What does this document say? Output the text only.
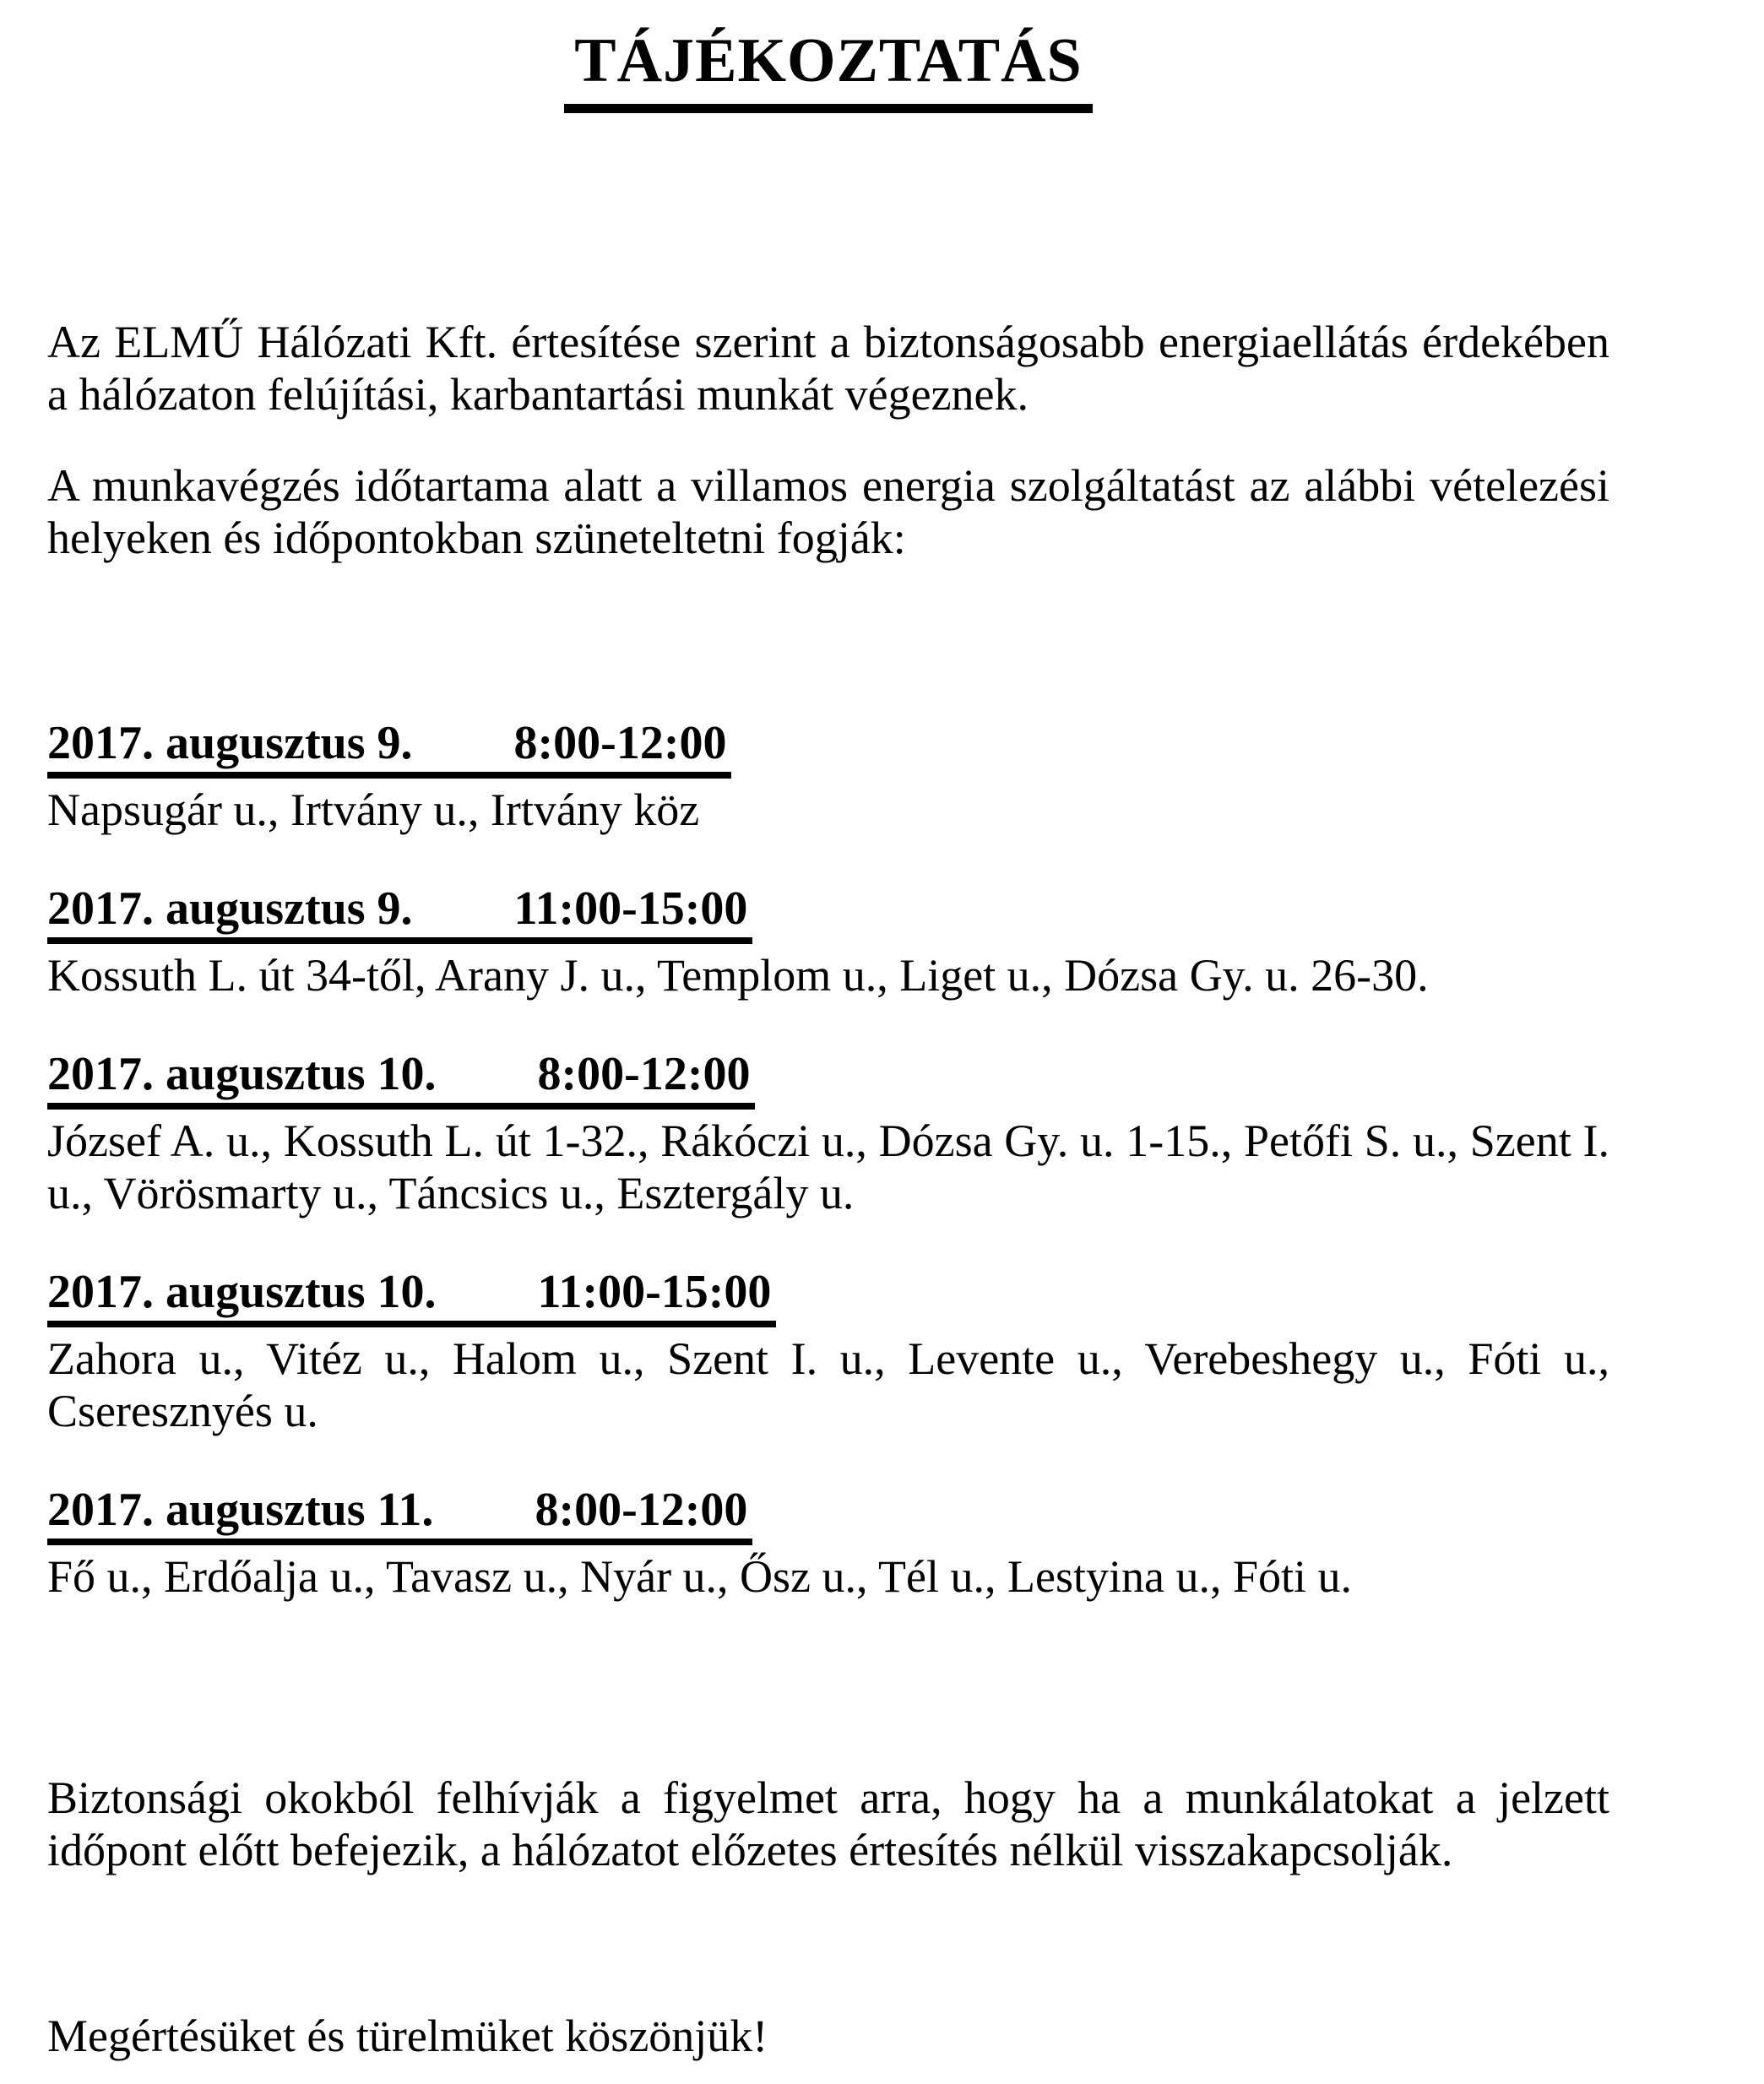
TÁJÉKOZTATÁS

Az ELMŰ Hálózati Kft. értesítése szerint a biztonságosabb energiaellátás érdekében a hálózaton felújítási, karbantartási munkát végeznek.

A munkavégzés időtartama alatt a villamos energia szolgáltatást az alábbi vételezési helyeken és időpontokban szüneteltetni fogják:

2017. augusztus 9. 8:00-12:00

Napsugár u., Irtvány u., Irtvány köz

2017. augusztus 9. 11:00-15:00

Kossuth L. út 34-től, Arany J. u., Templom u., Liget u., Dózsa Gy. u. 26-30.

2017. augusztus 10. 8:00-12:00

József A. u., Kossuth L. út 1-32., Rákóczi u., Dózsa Gy. u. 1-15., Petőfi S. u., Szent I. u., Vörösmarty u., Táncsics u., Esztergály u.

2017. augusztus 10. 11:00-15:00

Zahora u., Vitéz u., Halom u., Szent I. u., Levente u., Verebeshegy u., Fóti u., Cseresznyés u.

2017. augusztus 11. 8:00-12:00

Fő u., Erdőalja u., Tavasz u., Nyár u., Ősz u., Tél u., Lestyina u., Fóti u.

Biztonsági okokból felhívják a figyelmet arra, hogy ha a munkálatokat a jelzett időpont előtt befejezik, a hálózatot előzetes értesítés nélkül visszakapcsolják.

Megértésüket és türelmüket köszönjük!
